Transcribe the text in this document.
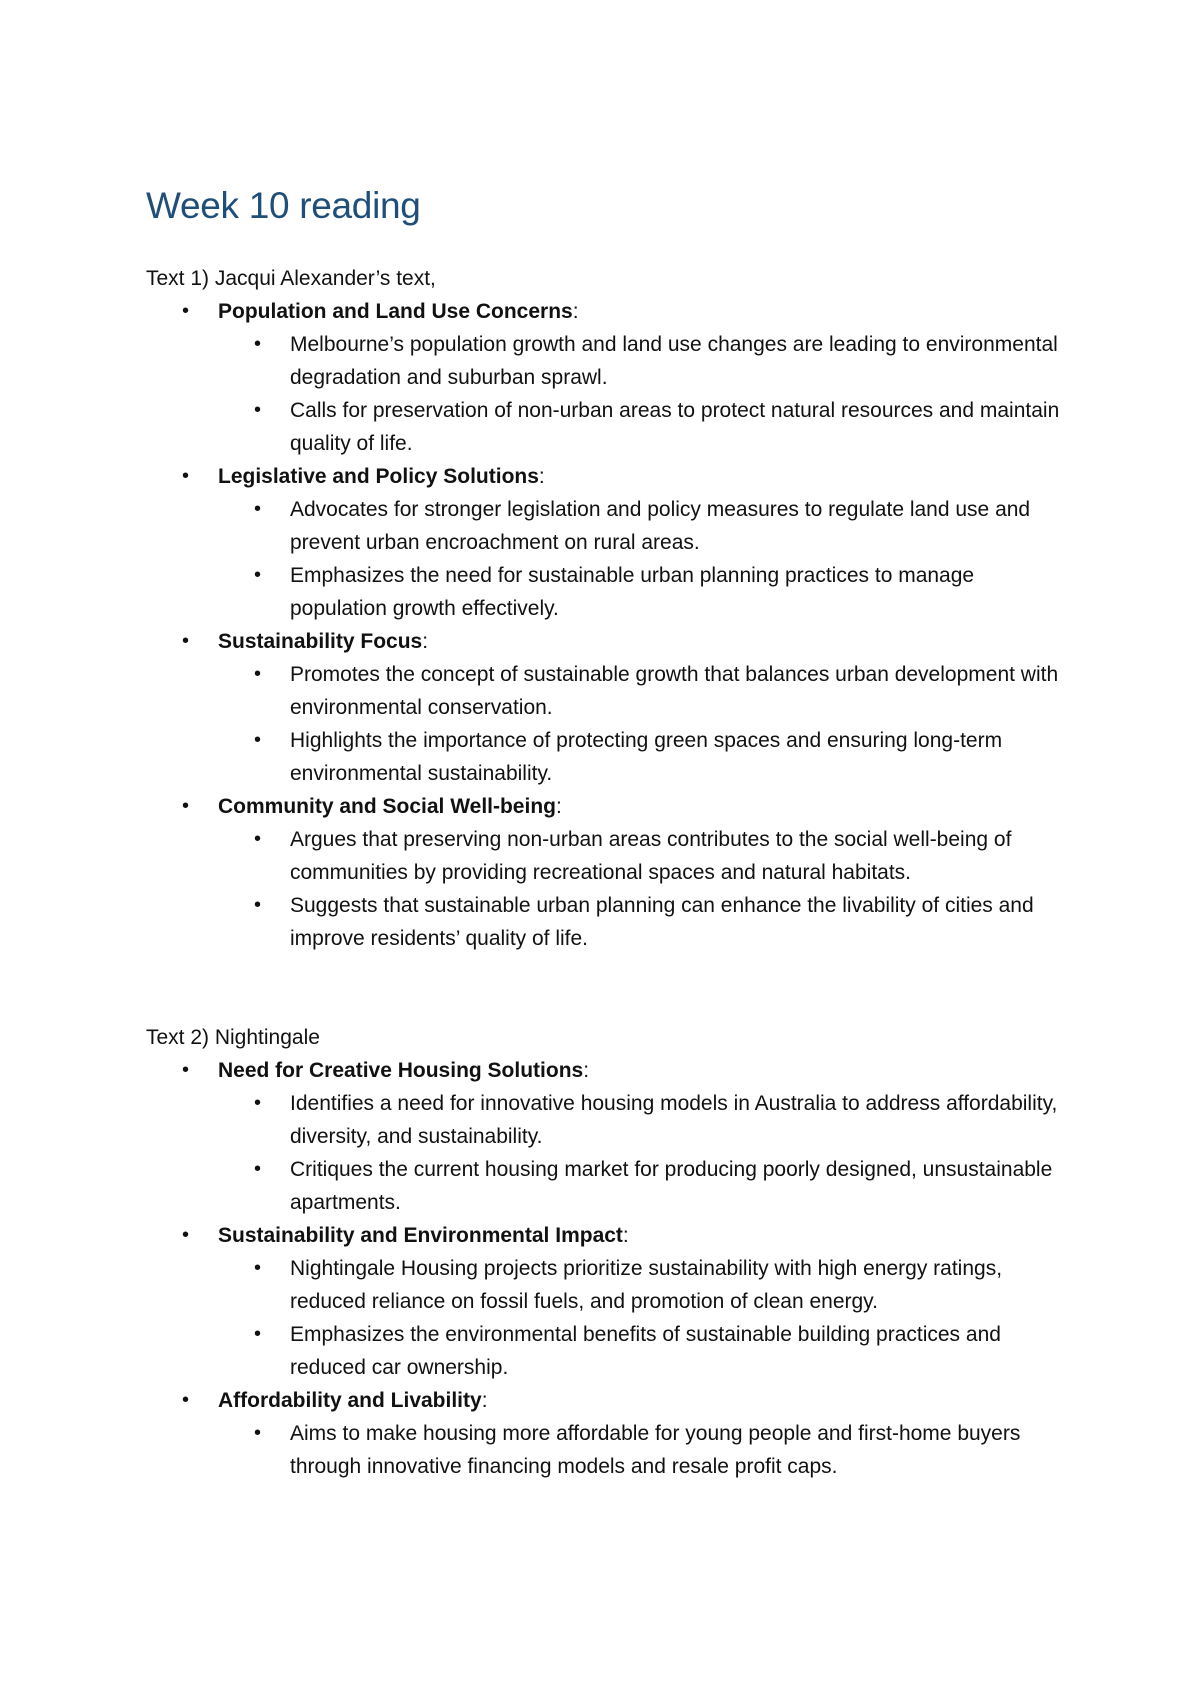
Week 10 reading

Text 1) Jacqui Alexander’s text,

• Population and Land Use Concerns:
• Melbourne’s population growth and land use changes are leading to environmental degradation and suburban sprawl.
• Calls for preservation of non-urban areas to protect natural resources and maintain quality of life.
• Legislative and Policy Solutions:
• Advocates for stronger legislation and policy measures to regulate land use and prevent urban encroachment on rural areas.
• Emphasizes the need for sustainable urban planning practices to manage population growth effectively.
• Sustainability Focus:
• Promotes the concept of sustainable growth that balances urban development with environmental conservation.
• Highlights the importance of protecting green spaces and ensuring long-term environmental sustainability.
• Community and Social Well-being:
• Argues that preserving non-urban areas contributes to the social well-being of communities by providing recreational spaces and natural habitats.
• Suggests that sustainable urban planning can enhance the livability of cities and improve residents’ quality of life.

Text 2) Nightingale

• Need for Creative Housing Solutions:
• Identifies a need for innovative housing models in Australia to address affordability, diversity, and sustainability.
• Critiques the current housing market for producing poorly designed, unsustainable apartments.
• Sustainability and Environmental Impact:
• Nightingale Housing projects prioritize sustainability with high energy ratings, reduced reliance on fossil fuels, and promotion of clean energy.
• Emphasizes the environmental benefits of sustainable building practices and reduced car ownership.
• Affordability and Livability:
• Aims to make housing more affordable for young people and first-home buyers through innovative financing models and resale profit caps.
